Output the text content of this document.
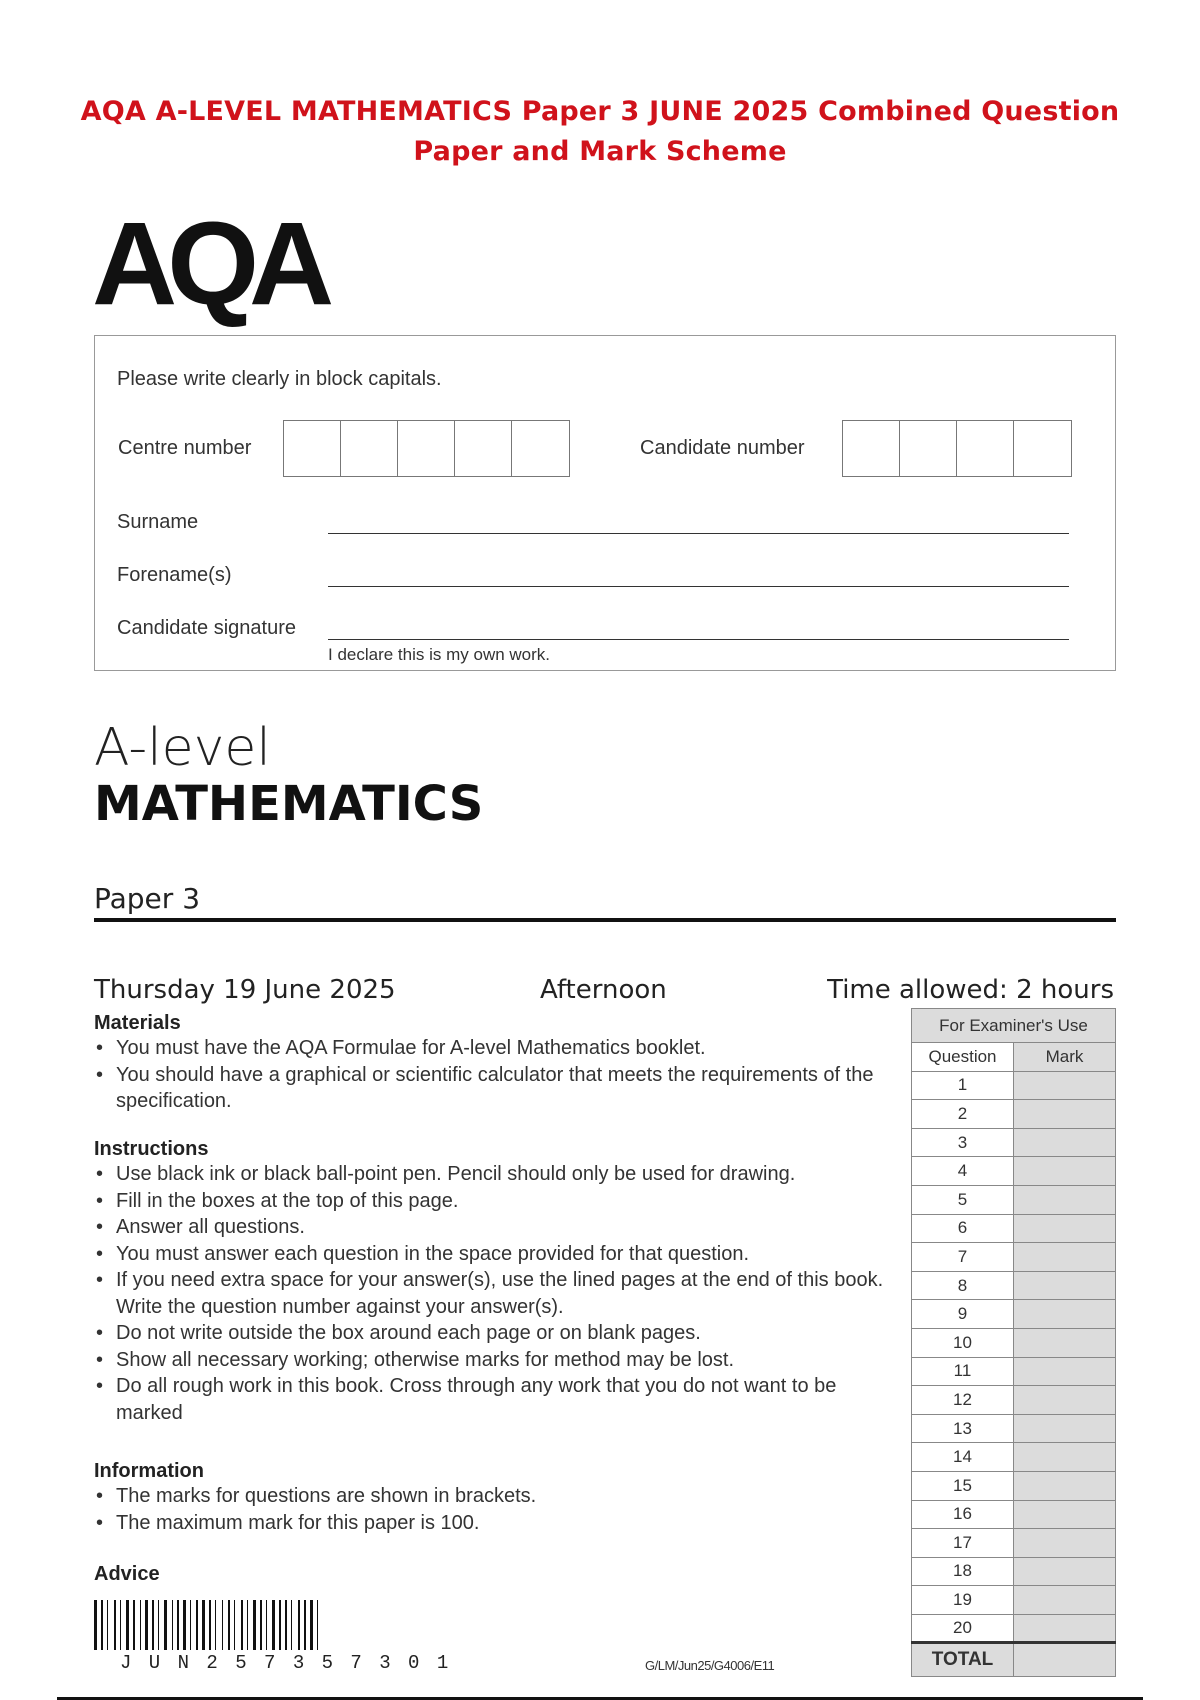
AQA A-LEVEL MATHEMATICS Paper 3 JUNE 2025 Combined Question
Paper and Mark Scheme
AQA
Please write clearly in block capitals.
Centre number	Candidate number
Surname
Forename(s)
Candidate signature
I declare this is my own work.
A-level
MATHEMATICS
Paper 3
Thursday 19 June 2025	Afternoon	Time allowed: 2 hours
Materials
• You must have the AQA Formulae for A-level Mathematics booklet.
• You should have a graphical or scientific calculator that meets the requirements of the specification.
Instructions
• Use black ink or black ball-point pen. Pencil should only be used for drawing.
• Fill in the boxes at the top of this page.
• Answer all questions.
• You must answer each question in the space provided for that question.
• If you need extra space for your answer(s), use the lined pages at the end of this book. Write the question number against your answer(s).
• Do not write outside the box around each page or on blank pages.
• Show all necessary working; otherwise marks for method may be lost.
• Do all rough work in this book. Cross through any work that you do not want to be marked
Information
• The marks for questions are shown in brackets.
• The maximum mark for this paper is 100.
Advice
For Examiner's Use	
Question	Mark
1	
2	
3	
4	
5	
6	
7	
8	
9	
10	
11	
12	
13	
14	
15	
16	
17	
18	
19	
20	
TOTAL	
J U N 2 5 7 3 5 7 3 0 1	G/LM/Jun25/G4006/E11
